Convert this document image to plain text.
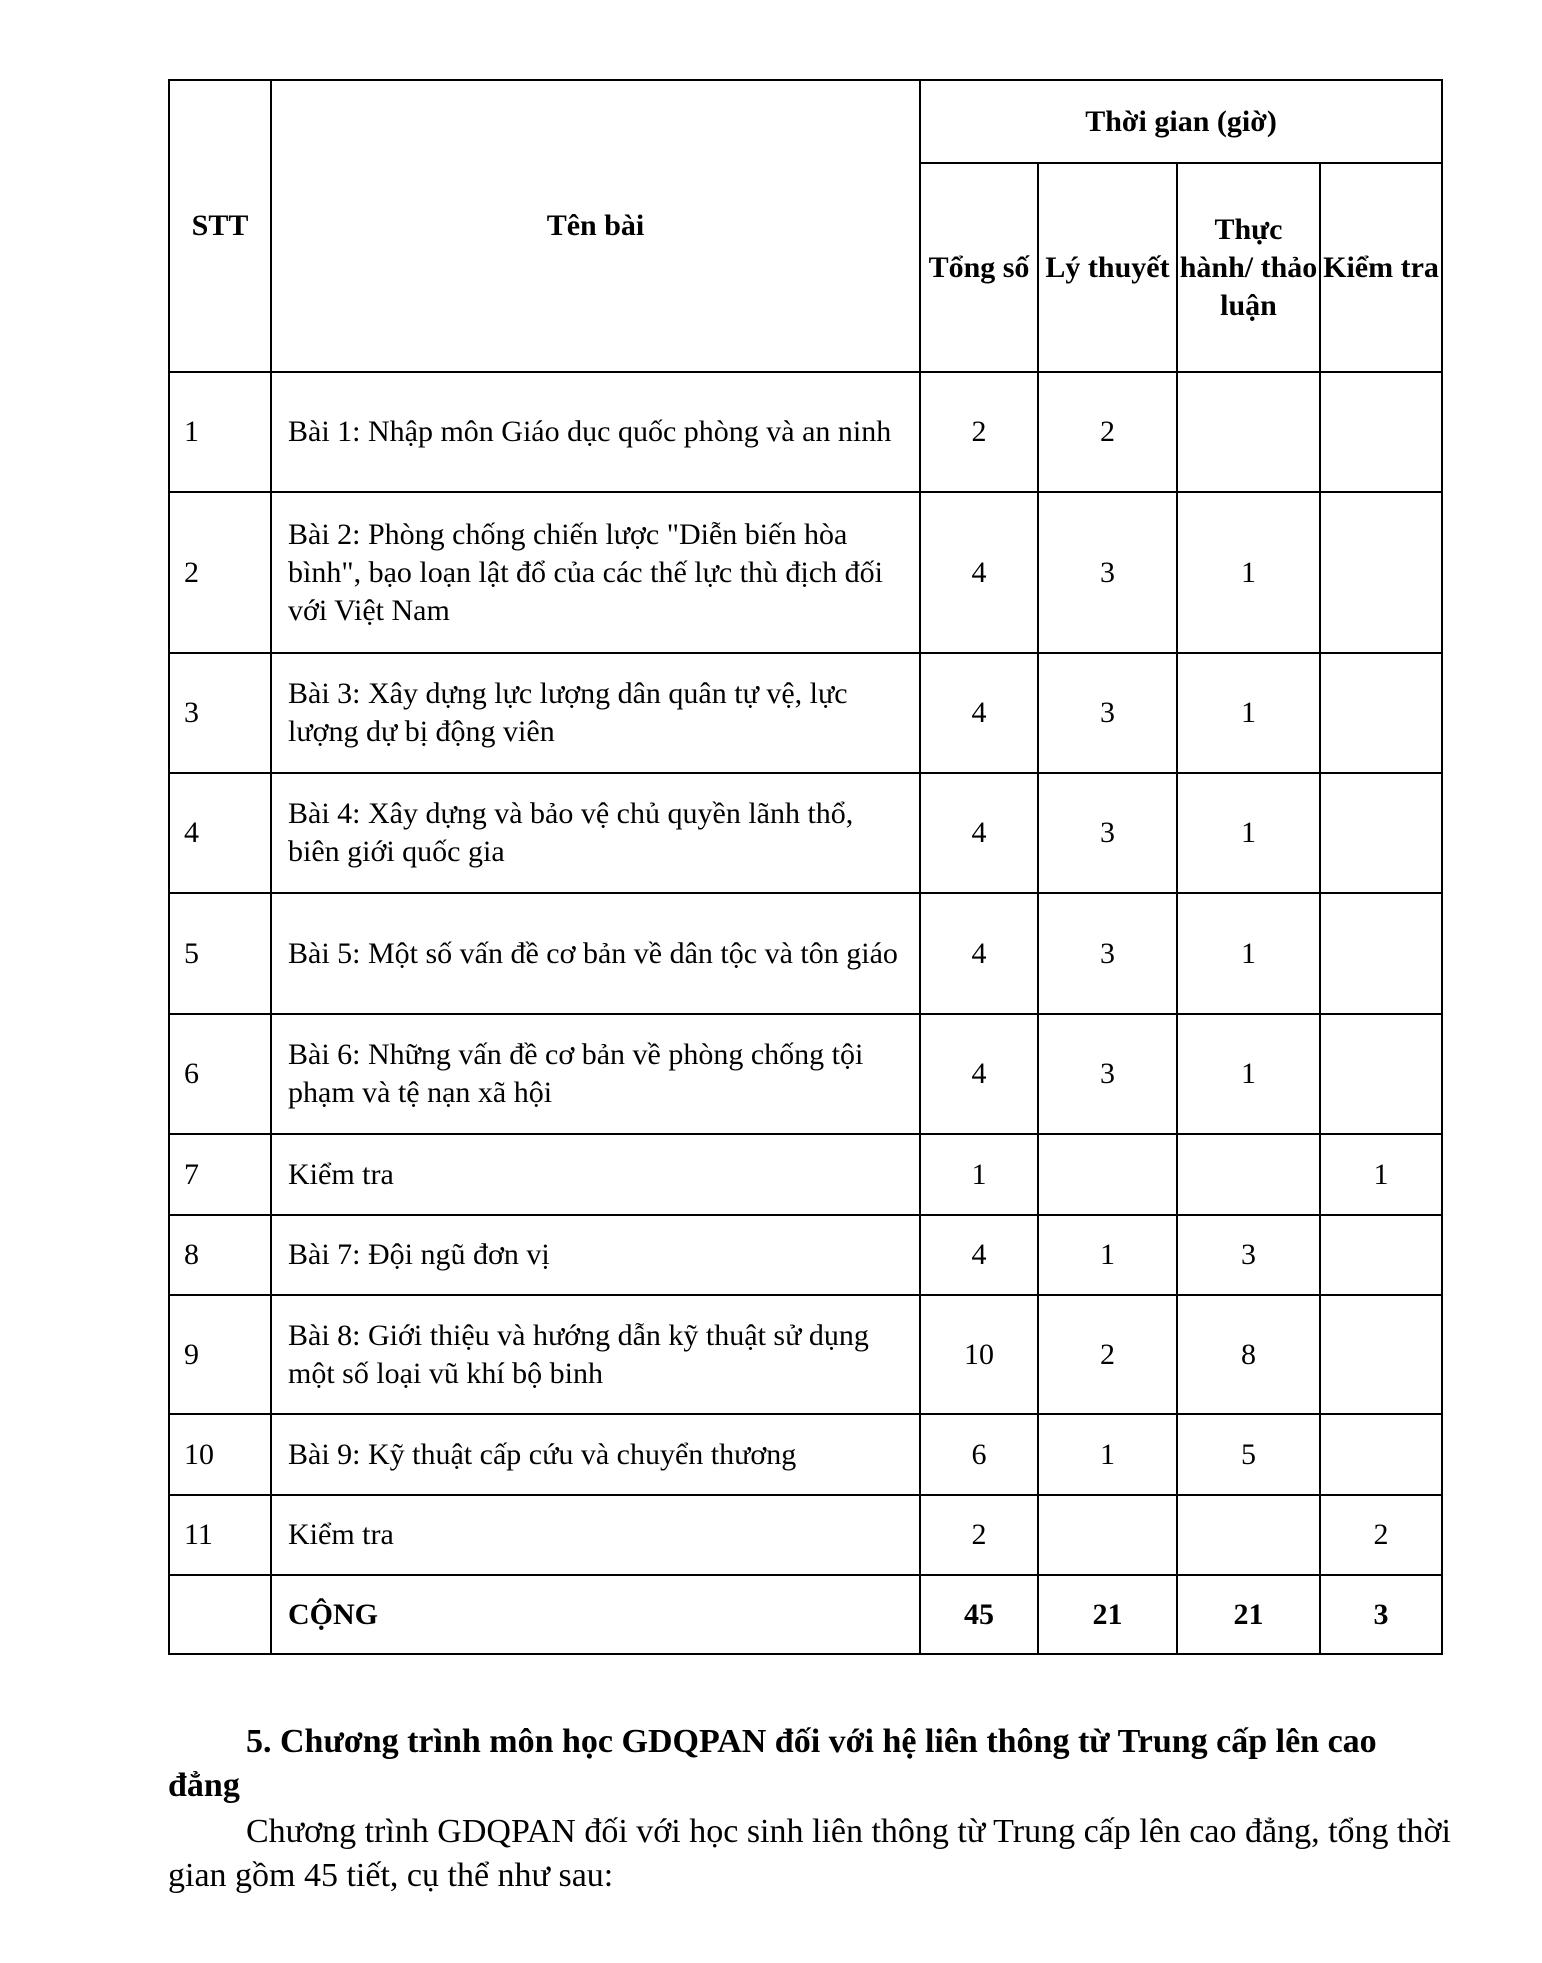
STT	Tên bài	Thời gian (giờ)			
		Tổng số	Lý thuyết	Thực hành/ thảo luận	Kiểm tra
1	Bài 1: Nhập môn Giáo dục quốc phòng và an ninh	2	2		
2	Bài 2: Phòng chống chiến lược "Diễn biến hòa bình", bạo loạn lật đổ của các thế lực thù địch đối với Việt Nam	4	3	1	
3	Bài 3: Xây dựng lực lượng dân quân tự vệ, lực lượng dự bị động viên	4	3	1	
4	Bài 4: Xây dựng và bảo vệ chủ quyền lãnh thổ, biên giới quốc gia	4	3	1	
5	Bài 5: Một số vấn đề cơ bản về dân tộc và tôn giáo	4	3	1	
6	Bài 6: Những vấn đề cơ bản về phòng chống tội phạm và tệ nạn xã hội	4	3	1	
7	Kiểm tra	1			1
8	Bài 7: Đội ngũ đơn vị	4	1	3	
9	Bài 8: Giới thiệu và hướng dẫn kỹ thuật sử dụng một số loại vũ khí bộ binh	10	2	8	
10	Bài 9: Kỹ thuật cấp cứu và chuyển thương	6	1	5	
11	Kiểm tra	2			2
	CỘNG	45	21	21	3
5. Chương trình môn học GDQPAN đối với hệ liên thông từ Trung cấp lên cao đẳng
Chương trình GDQPAN đối với học sinh liên thông từ Trung cấp lên cao đẳng, tổng thời gian gồm 45 tiết, cụ thể như sau:
